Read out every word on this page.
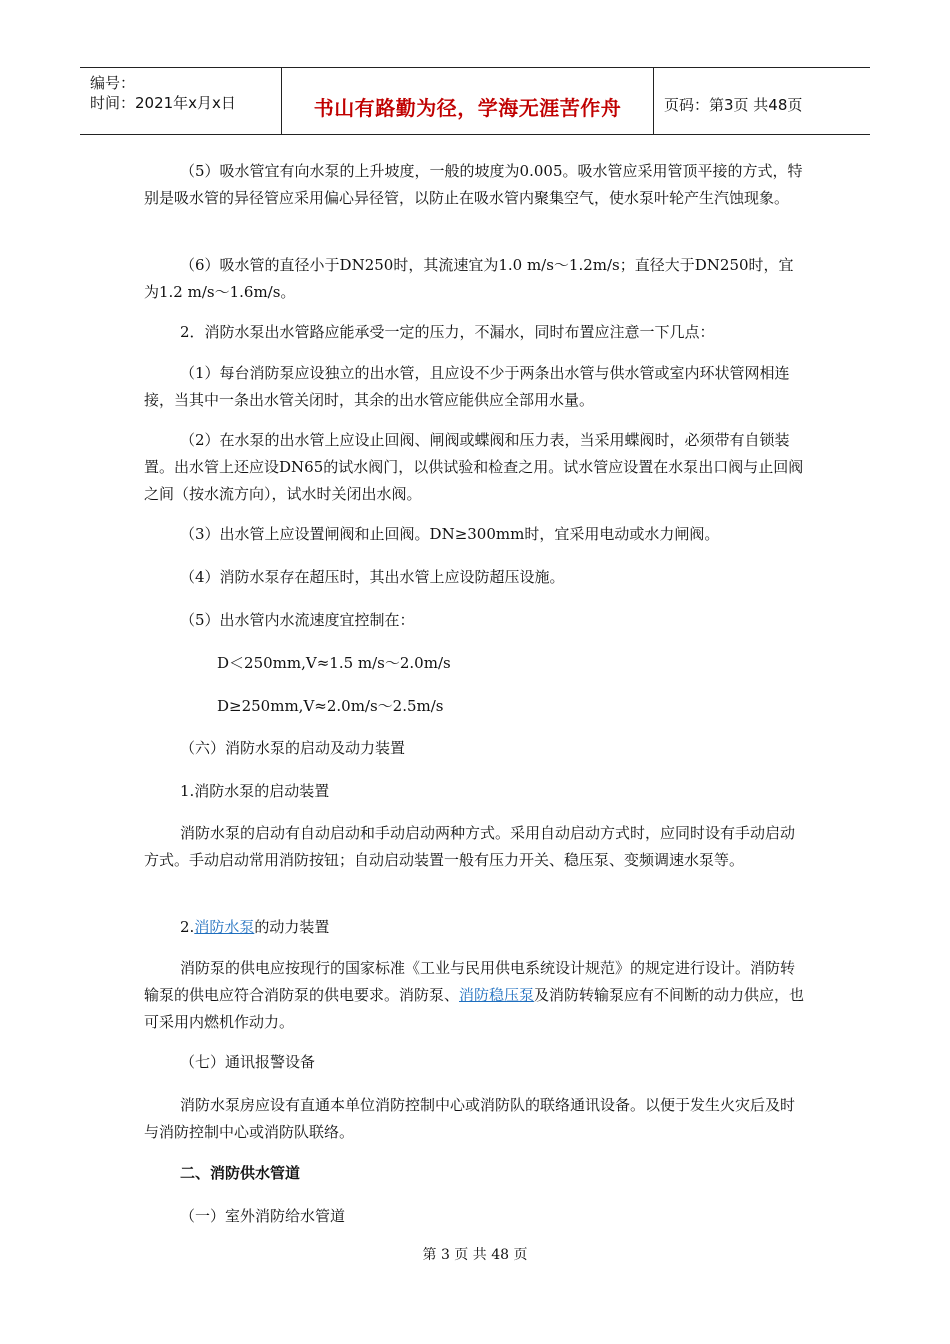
编号：
时间：2021年x月x日	书山有路勤为径，学海无涯苦作舟	页码：第3页 共48页

（5）吸水管宜有向水泵的上升坡度，一般的坡度为0.005。吸水管应采用管顶平接的方式，特别是吸水管的异径管应采用偏心异径管，以防止在吸水管内聚集空气，使水泵叶轮产生汽蚀现象。

（6）吸水管的直径小于DN250时，其流速宜为1.0 m/s～1.2m/s；直径大于DN250时，宜为1.2 m/s～1.6m/s。

2．消防水泵出水管路应能承受一定的压力，不漏水，同时布置应注意一下几点：

（1）每台消防泵应设独立的出水管，且应设不少于两条出水管与供水管或室内环状管网相连接，当其中一条出水管关闭时，其余的出水管应能供应全部用水量。

（2）在水泵的出水管上应设止回阀、闸阀或蝶阀和压力表，当采用蝶阀时，必须带有自锁装置。出水管上还应设DN65的试水阀门，以供试验和检查之用。试水管应设置在水泵出口阀与止回阀之间（按水流方向），试水时关闭出水阀。

（3）出水管上应设置闸阀和止回阀。DN≥300mm时，宜采用电动或水力闸阀。

（4）消防水泵存在超压时，其出水管上应设防超压设施。

（5）出水管内水流速度宜控制在：

D＜250mm,V≈1.5 m/s～2.0m/s

D≥250mm,V≈2.0m/s～2.5m/s

（六）消防水泵的启动及动力装置

1.消防水泵的启动装置

消防水泵的启动有自动启动和手动启动两种方式。采用自动启动方式时，应同时设有手动启动方式。手动启动常用消防按钮；自动启动装置一般有压力开关、稳压泵、变频调速水泵等。

2.消防水泵的动力装置

消防泵的供电应按现行的国家标准《工业与民用供电系统设计规范》的规定进行设计。消防转输泵的供电应符合消防泵的供电要求。消防泵、消防稳压泵及消防转输泵应有不间断的动力供应，也可采用内燃机作动力。

（七）通讯报警设备

消防水泵房应设有直通本单位消防控制中心或消防队的联络通讯设备。以便于发生火灾后及时与消防控制中心或消防队联络。

二、消防供水管道

（一）室外消防给水管道

第 3 页 共 48 页
